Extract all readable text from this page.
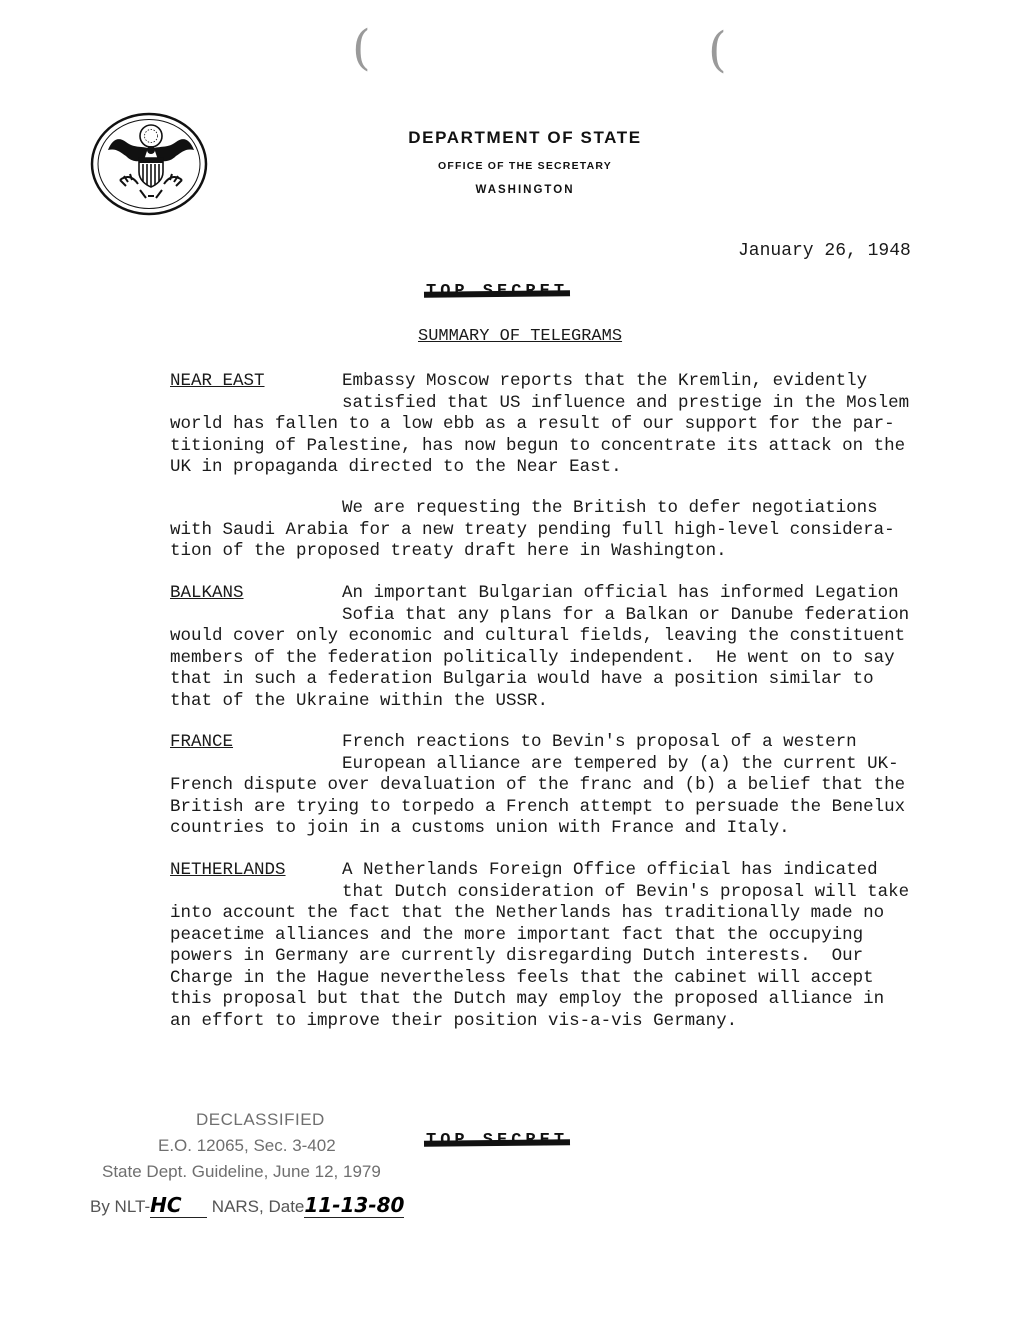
(	(
DEPARTMENT OF STATE
OFFICE OF THE SECRETARY
WASHINGTON
January 26, 1948
SUMMARY OF TELEGRAMS
NEAR EAST	Embassy Moscow reports that the Kremlin, evidently
satisfied that US influence and prestige in the Moslem
world has fallen to a low ebb as a result of our support for the par-
titioning of Palestine, has now begun to concentrate its attack on the
UK in propaganda directed to the Near East.
We are requesting the British to defer negotiations
with Saudi Arabia for a new treaty pending full high-level considera-
tion of the proposed treaty draft here in Washington.
BALKANS	An important Bulgarian official has informed Legation
Sofia that any plans for a Balkan or Danube federation
would cover only economic and cultural fields, leaving the constituent
members of the federation politically independent.  He went on to say
that in such a federation Bulgaria would have a position similar to
that of the Ukraine within the USSR.
FRANCE	French reactions to Bevin's proposal of a western
European alliance are tempered by (a) the current UK-
French dispute over devaluation of the franc and (b) a belief that the
British are trying to torpedo a French attempt to persuade the Benelux
countries to join in a customs union with France and Italy.
NETHERLANDS	A Netherlands Foreign Office official has indicated
that Dutch consideration of Bevin's proposal will take
into account the fact that the Netherlands has traditionally made no
peacetime alliances and the more important fact that the occupying
powers in Germany are currently disregarding Dutch interests.  Our
Charge in the Hague nevertheless feels that the cabinet will accept
this proposal but that the Dutch may employ the proposed alliance in
an effort to improve their position vis-a-vis Germany.
DECLASSIFIED
E.O. 12065, Sec. 3-402
State Dept. Guideline, June 12, 1979
By NLT-HC   NARS, Date11-13-80
